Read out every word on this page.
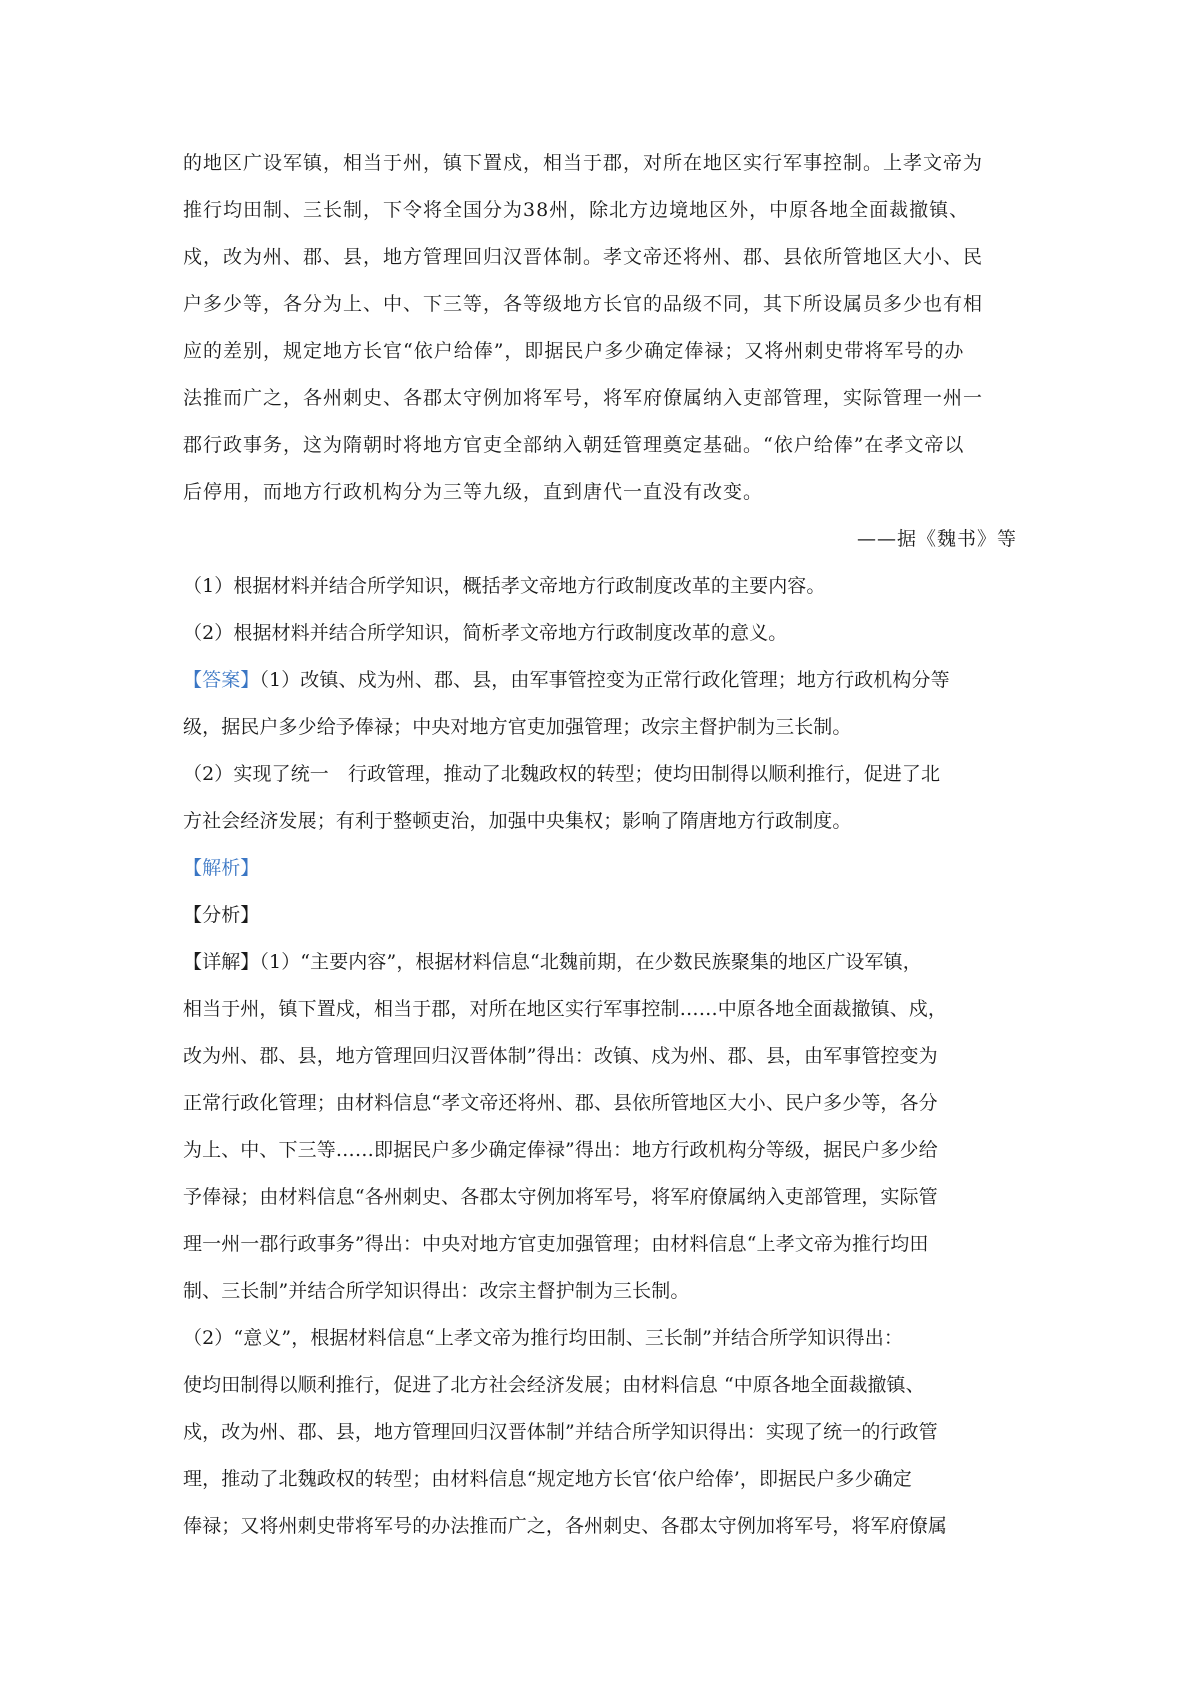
的地区广设军镇，相当于州，镇下置戍，相当于郡，对所在地区实行军事控制。上孝文帝为
推行均田制、三长制，下令将全国分为38州，除北方边境地区外，中原各地全面裁撤镇、
戍，改为州、郡、县，地方管理回归汉晋体制。孝文帝还将州、郡、县依所管地区大小、民
户多少等，各分为上、中、下三等，各等级地方长官的品级不同，其下所设属员多少也有相
应的差别，规定地方长官“依户给俸”，即据民户多少确定俸禄；又将州刺史带将军号的办
法推而广之，各州刺史、各郡太守例加将军号，将军府僚属纳入吏部管理，实际管理一州一
郡行政事务，这为隋朝时将地方官吏全部纳入朝廷管理奠定基础。“依户给俸”在孝文帝以
后停用，而地方行政机构分为三等九级，直到唐代一直没有改变。
——据《魏书》等
（1）根据材料并结合所学知识，概括孝文帝地方行政制度改革的主要内容。
（2）根据材料并结合所学知识，简析孝文帝地方行政制度改革的意义。
【答案】（1）改镇、戍为州、郡、县，由军事管控变为正常行政化管理；地方行政机构分等
级，据民户多少给予俸禄；中央对地方官吏加强管理；改宗主督护制为三长制。
（2）实现了统一　行政管理，推动了北魏政权的转型；使均田制得以顺利推行，促进了北
方社会经济发展；有利于整顿吏治，加强中央集权；影响了隋唐地方行政制度。
【解析】
【分析】
【详解】（1）“主要内容”，根据材料信息“北魏前期，在少数民族聚集的地区广设军镇，
相当于州，镇下置戍，相当于郡，对所在地区实行军事控制……中原各地全面裁撤镇、戍，
改为州、郡、县，地方管理回归汉晋体制”得出：改镇、戍为州、郡、县，由军事管控变为
正常行政化管理；由材料信息“孝文帝还将州、郡、县依所管地区大小、民户多少等，各分
为上、中、下三等……即据民户多少确定俸禄”得出：地方行政机构分等级，据民户多少给
予俸禄；由材料信息“各州刺史、各郡太守例加将军号，将军府僚属纳入吏部管理，实际管
理一州一郡行政事务”得出：中央对地方官吏加强管理；由材料信息“上孝文帝为推行均田
制、三长制”并结合所学知识得出：改宗主督护制为三长制。
（2）“意义”，根据材料信息“上孝文帝为推行均田制、三长制”并结合所学知识得出：
使均田制得以顺利推行，促进了北方社会经济发展；由材料信息 “中原各地全面裁撤镇、
戍，改为州、郡、县，地方管理回归汉晋体制”并结合所学知识得出：实现了统一的行政管
理，推动了北魏政权的转型；由材料信息“规定地方长官‘依户给俸’，即据民户多少确定
俸禄；又将州刺史带将军号的办法推而广之，各州刺史、各郡太守例加将军号，将军府僚属
